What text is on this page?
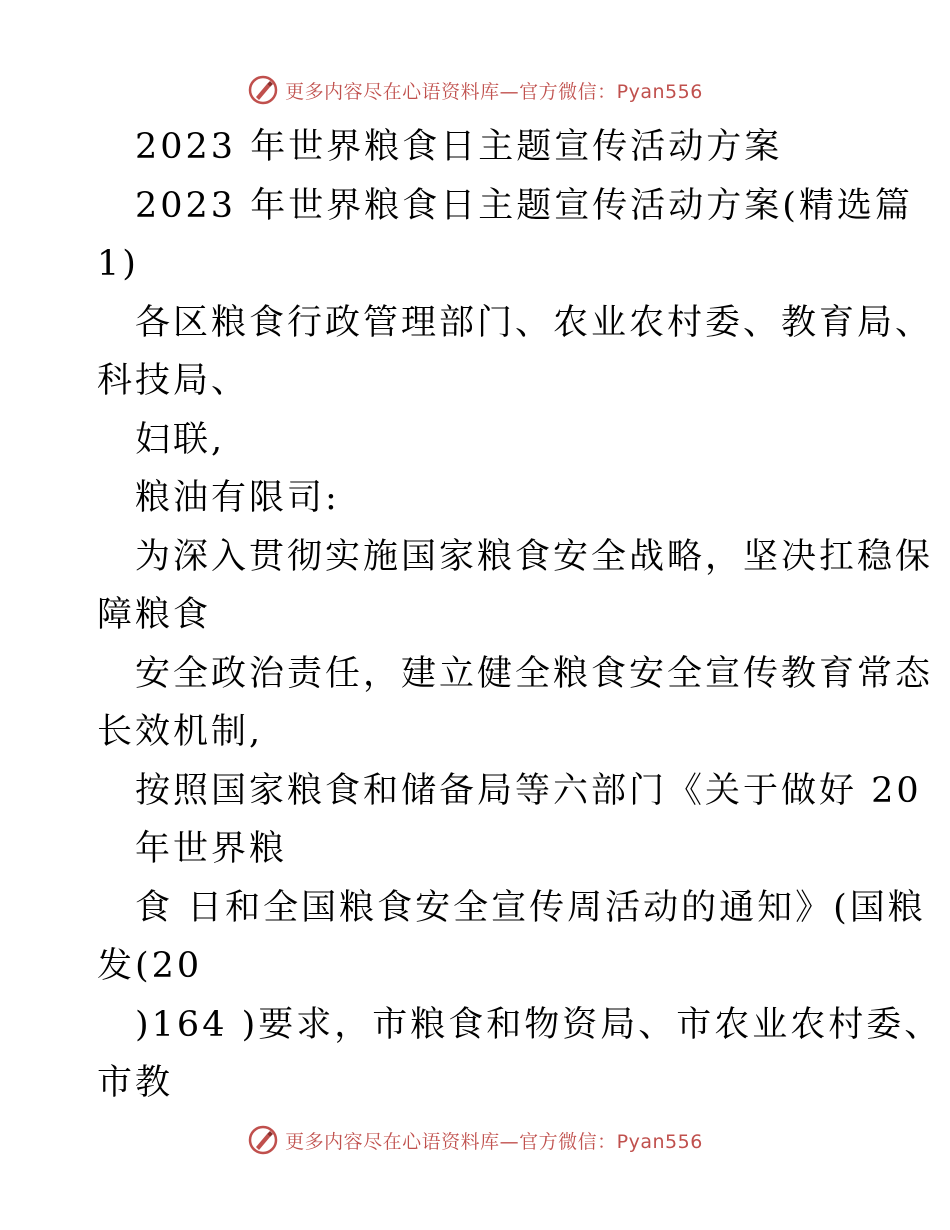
更多内容尽在心语资料库—官方微信：Pyan556
2023 年世界粮食日主题宣传活动方案
2023 年世界粮食日主题宣传活动方案(精选篇
1)
各区粮食行政管理部门、农业农村委、教育局、
科技局、
妇联,
粮油有限司:
为深入贯彻实施国家粮食安全战略，坚决扛稳保
障粮食
安全政治责任，建立健全粮食安全宣传教育常态
长效机制,
按照国家粮食和储备局等六部门《关于做好 20
年世界粮
食 日和全国粮食安全宣传周活动的通知》(国粮
发(20
)164 )要求，市粮食和物资局、市农业农村委、
市教
更多内容尽在心语资料库—官方微信：Pyan556
